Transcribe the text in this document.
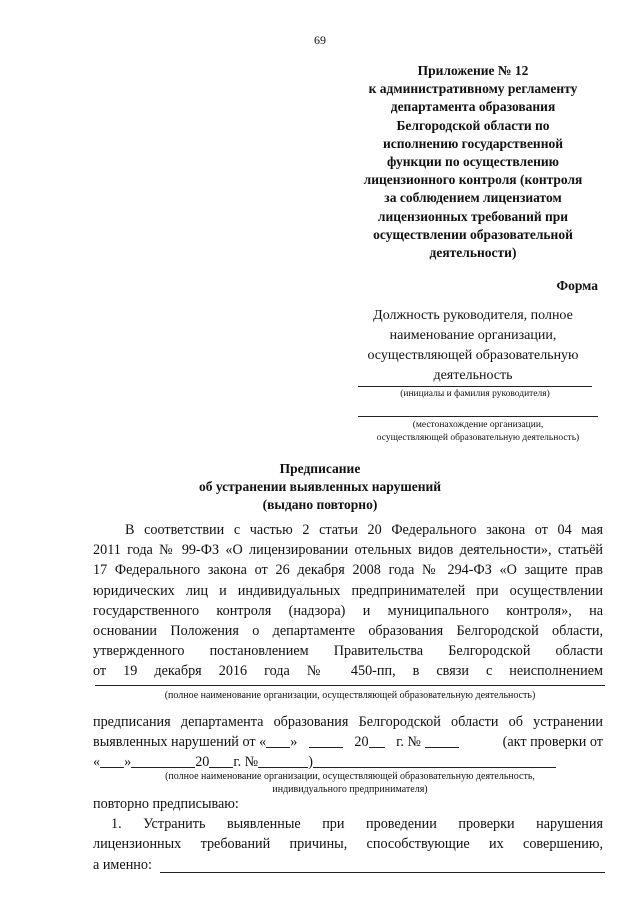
69
Приложение № 12
к административному регламенту
департамента образования
Белгородской области по
исполнению государственной
функции по осуществлению
лицензионного контроля (контроля
за соблюдением лицензиатом
лицензионных требований при
осуществлении образовательной
деятельности)
Форма
Должность руководителя, полное
наименование организации,
осуществляющей образовательную
деятельность
(инициалы и фамилия руководителя)
(местонахождение организации,
осуществляющей образовательную деятельность)
Предписание
об устранении выявленных нарушений
(выдано повторно)
В соответствии с частью 2 статьи 20 Федерального закона от 04 мая
2011 года № 99-ФЗ «О лицензировании отельных видов деятельности», статьёй
17 Федерального закона от 26 декабря 2008 года № 294-ФЗ «О защите прав
юридических лиц и индивидуальных предпринимателей при осуществлении
государственного контроля (надзора) и муниципального контроля», на
основании Положения о департаменте образования Белгородской области,
утвержденного постановлением Правительства Белгородской области
от 19 декабря 2016 года № 450-пп, в связи с неисполнением
(полное наименование организации, осуществляющей образовательную деятельность)
предписания департамента образования Белгородской области об устранении
выявленных нарушений от « »	20 г. №	(акт проверки от
« »	20 г. №	)
(полное наименование организации, осуществляющей образовательную деятельность,
индивидуального предпринимателя)
повторно предписываю:
1. Устранить выявленные при проведении проверки нарушения
лицензионных требований причины, способствующие их совершению,
а именно:
